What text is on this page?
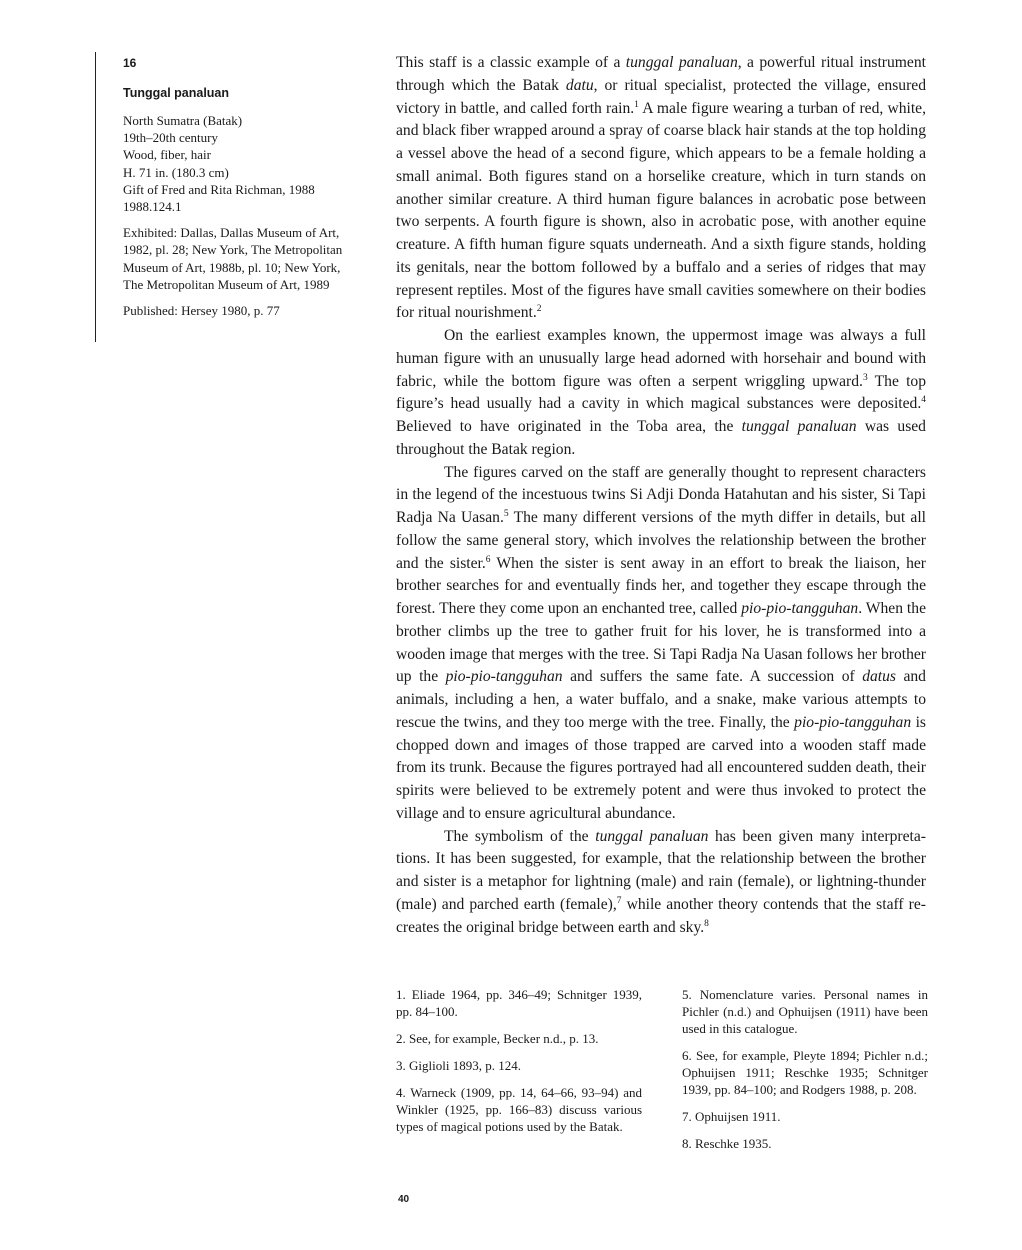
16
Tunggal panaluan
North Sumatra (Batak)
19th–20th century
Wood, fiber, hair
H. 71 in. (180.3 cm)
Gift of Fred and Rita Richman, 1988
1988.124.1
Exhibited: Dallas, Dallas Museum of Art, 1982, pl. 28; New York, The Metropolitan Museum of Art, 1988b, pl. 10; New York, The Metropolitan Museum of Art, 1989
Published: Hersey 1980, p. 77

This staff is a classic example of a tunggal panaluan, a powerful ritual instrument through which the Batak datu, or ritual specialist, protected the village, ensured victory in battle, and called forth rain.$^1$ A male figure wearing a turban of red, white, and black fiber wrapped around a spray of coarse black hair stands at the top holding a vessel above the head of a second figure, which appears to be a female holding a small animal. Both figures stand on a horselike creature, which in turn stands on another similar creature. A third human figure balances in acrobatic pose between two serpents. A fourth figure is shown, also in acrobatic pose, with another equine creature. A fifth human figure squats underneath. And a sixth figure stands, holding its genitals, near the bottom followed by a buffalo and a series of ridges that may represent reptiles. Most of the figures have small cavities somewhere on their bodies for ritual nourishment.$^2$

On the earliest examples known, the uppermost image was always a full human figure with an unusually large head adorned with horsehair and bound with fabric, while the bottom figure was often a serpent wriggling upward.$^3$ The top figure’s head usually had a cavity in which magical substances were deposited.$^4$ Believed to have originated in the Toba area, the tunggal panaluan was used throughout the Batak region.

The figures carved on the staff are generally thought to represent characters in the legend of the incestuous twins Si Adji Donda Hatahutan and his sister, Si Tapi Radja Na Uasan.$^5$ The many different versions of the myth differ in details, but all follow the same general story, which involves the relationship between the brother and the sister.$^6$ When the sister is sent away in an effort to break the liaison, her brother searches for and eventually finds her, and together they escape through the forest. There they come upon an enchanted tree, called pio-pio-tangguhan. When the brother climbs up the tree to gather fruit for his lover, he is transformed into a wooden image that merges with the tree. Si Tapi Radja Na Uasan follows her brother up the pio-pio-tangguhan and suffers the same fate. A succession of datus and animals, including a hen, a water buffalo, and a snake, make various attempts to rescue the twins, and they too merge with the tree. Finally, the pio-pio-tangguhan is chopped down and images of those trapped are carved into a wooden staff made from its trunk. Because the figures portrayed had all encountered sudden death, their spirits were believed to be extremely potent and were thus invoked to protect the village and to ensure agricultural abundance.

The symbolism of the tunggal panaluan has been given many interpretations. It has been suggested, for example, that the relationship between the brother and sister is a metaphor for lightning (male) and rain (female), or lightning-thunder (male) and parched earth (female),$^7$ while another theory contends that the staff re-creates the original bridge between earth and sky.$^8$

1. Eliade 1964, pp. 346–49; Schnitger 1939, pp. 84–100.
2. See, for example, Becker n.d., p. 13.
3. Giglioli 1893, p. 124.
4. Warneck (1909, pp. 14, 64–66, 93–94) and Winkler (1925, pp. 166–83) discuss various types of magical potions used by the Batak.
5. Nomenclature varies. Personal names in Pichler (n.d.) and Ophuijsen (1911) have been used in this catalogue.
6. See, for example, Pleyte 1894; Pichler n.d.; Ophuijsen 1911; Reschke 1935; Schnitger 1939, pp. 84–100; and Rodgers 1988, p. 208.
7. Ophuijsen 1911.
8. Reschke 1935.
40
